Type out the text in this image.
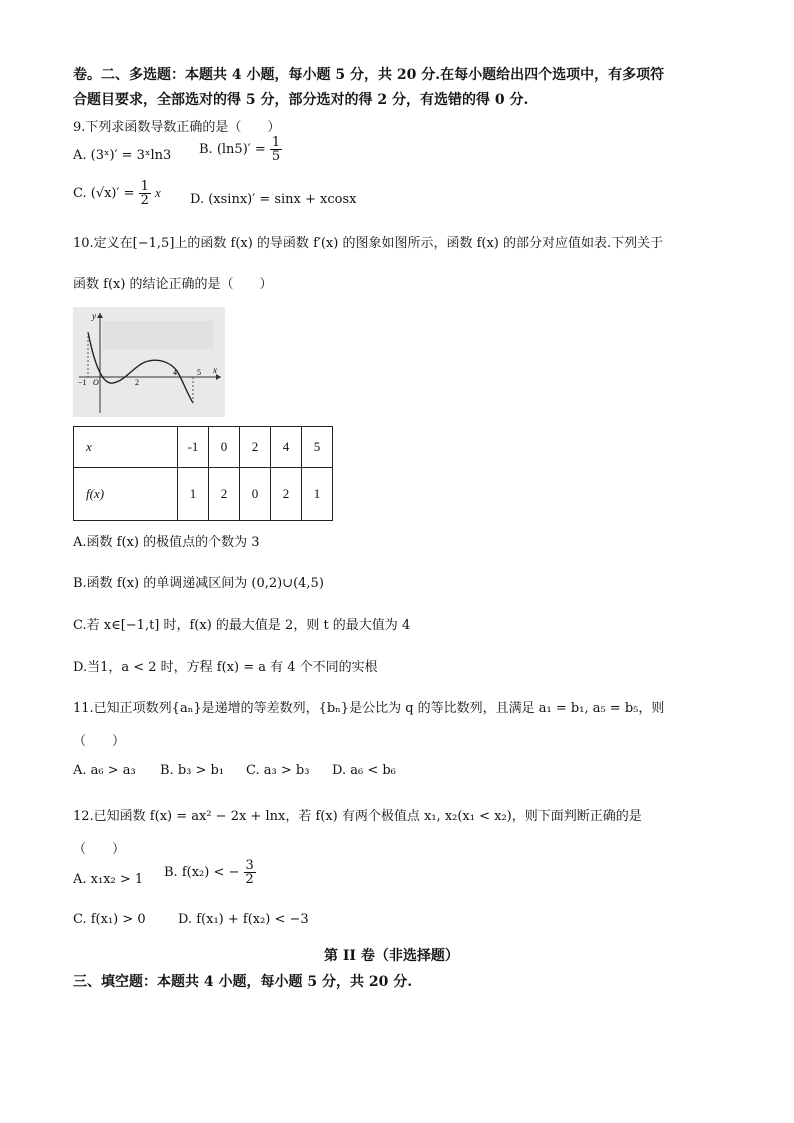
卷。二、多选题：本题共 4 小题，每小题 5 分，共 20 分.在每小题给出四个选项中，有多项符
合题目要求，全部选对的得 5 分，部分选对的得 2 分，有选错的得 0 分.
9.下列求函数导数正确的是（　　）
A. (3ˣ)′ = 3ˣln3 B. $(\ln 5)' = \frac{1}{5}$
C. $(√x)' = \frac{1}{2}$ x D. (xsinx)′ = sinx + xcosx
10.定义在[−1,5]上的函数 f(x) 的导函数 f′(x) 的图象如图所示，函数 f(x) 的部分对应值如表.下列关于
函数 f(x) 的结论正确的是（　　）
y
x
−1 O	2
4	5
x	-1	0	2	4	5
f(x)	1	2	0	2	1
A.函数 f(x) 的极值点的个数为 3
B.函数 f(x) 的单调递减区间为 (0,2)∪(4,5)
C.若 x∈[−1,t] 时，f(x) 的最大值是 2，则 t 的最大值为 4
D.当1，a < 2 时，方程 f(x) = a 有 4 个不同的实根
11.已知正项数列{aₙ}是递增的等差数列，{bₙ}是公比为 q 的等比数列，且满足 a₁ = b₁, a₅ = b₅，则
（　　）
A. a₆ > a₃ B. b₃ > b₁ C. a₃ > b₃ D. a₆ < b₆
12.已知函数 f(x) = ax² − 2x + lnx，若 f(x) 有两个极值点 x₁, x₂(x₁ < x₂)，则下面判断正确的是
（　　）
A. x₁x₂ > 1 B. f(x₂) < − $\frac{3}{2}$
C. f(x₁) > 0 D. f(x₁) + f(x₂) < −3
第 II 卷（非选择题）
三、填空题：本题共 4 小题，每小题 5 分，共 20 分.
